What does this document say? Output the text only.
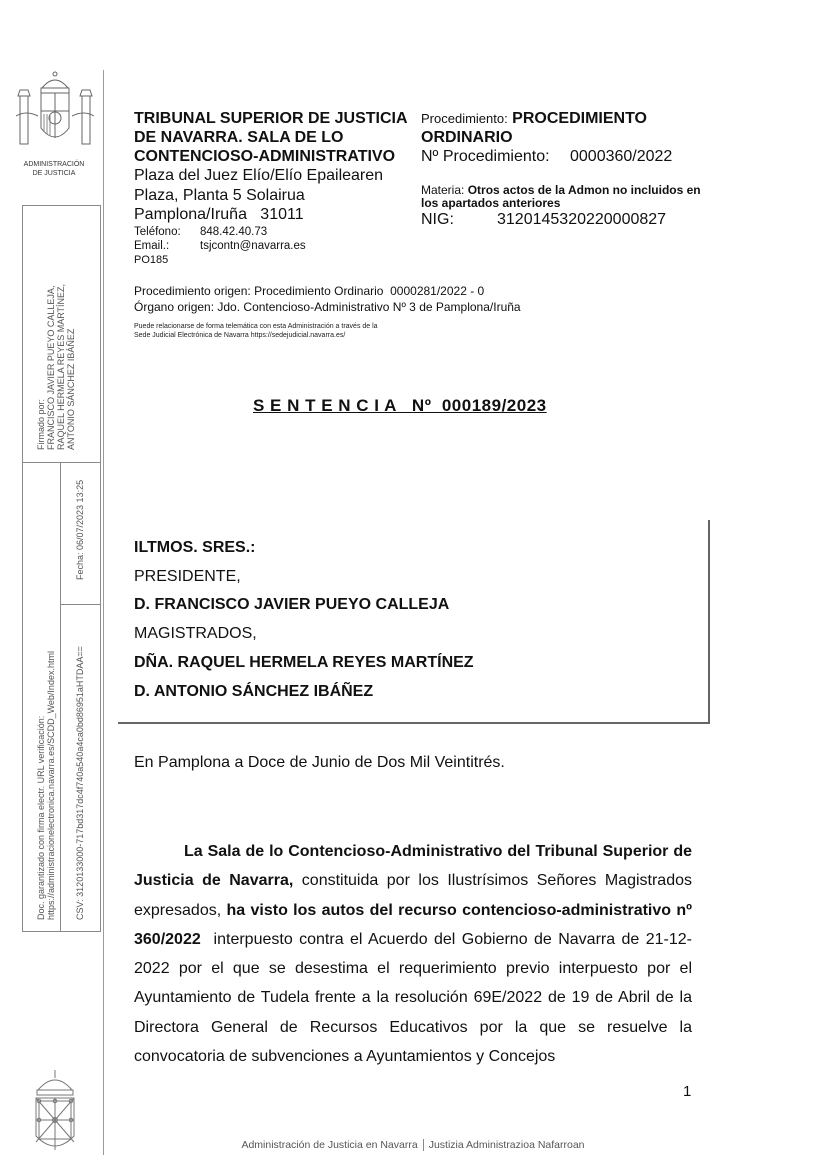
ADMINISTRACIÓN
DE JUSTICIA
Firmado por: FRANCISCO JAVIER PUEYO CALLEJA, RAQUEL HERMELA REYES MARTÍNEZ, ANTONIO SÁNCHEZ IBÁÑEZ
Fecha: 06/07/2023 13:25
Doc. garantizado con firma electr. URL verificación: https://administracionelectronica.navarra.es/SCDD_Web/Index.html CSV: 3120133000-717bd317dc4f740a540a4ca0bd86951aHTDAA==
TRIBUNAL SUPERIOR DE JUSTICIA DE NAVARRA. SALA DE LO CONTENCIOSO-ADMINISTRATIVO
Plaza del Juez Elío/Elío Epailearen
Plaza, Planta 5 Solairua
Pamplona/Iruña   31011
Teléfono:	848.42.40.73
Email.:	tsjcontn@navarra.es
PO185
Procedimiento: PROCEDIMIENTO ORDINARIO
Nº Procedimiento:	0000360/2022
Materia: Otros actos de la Admon no incluidos en los apartados anteriores
NIG:	3120145320220000827
Procedimiento origen: Procedimiento Ordinario  0000281/2022 - 0
Órgano origen: Jdo. Contencioso-Administrativo Nº 3 de Pamplona/Iruña
Puede relacionarse de forma telemática con esta Administración a través de la
Sede Judicial Electrónica de Navarra https://sedejudicial.navarra.es/
S E N T E N C I A   Nº  000189/2023
ILTMOS. SRES.:
PRESIDENTE,
D. FRANCISCO JAVIER PUEYO CALLEJA
MAGISTRADOS,
DÑA. RAQUEL HERMELA REYES MARTÍNEZ
D. ANTONIO SÁNCHEZ IBÁÑEZ
En Pamplona a Doce de Junio de Dos Mil Veintitrés.
La Sala de lo Contencioso-Administrativo del Tribunal Superior de Justicia de Navarra, constituida por los Ilustrísimos Señores Magistrados expresados, ha visto los autos del recurso contencioso-administrativo nº 360/2022  interpuesto contra el Acuerdo del Gobierno de Navarra de 21-12-2022 por el que se desestima el requerimiento previo interpuesto por el Ayuntamiento de Tudela frente a la resolución 69E/2022 de 19 de Abril de la Directora General de Recursos Educativos por la que se resuelve la convocatoria de subvenciones a Ayuntamientos y Concejos
1
Administración de Justicia en Navarra Justizia Administrazioa Nafarroan
